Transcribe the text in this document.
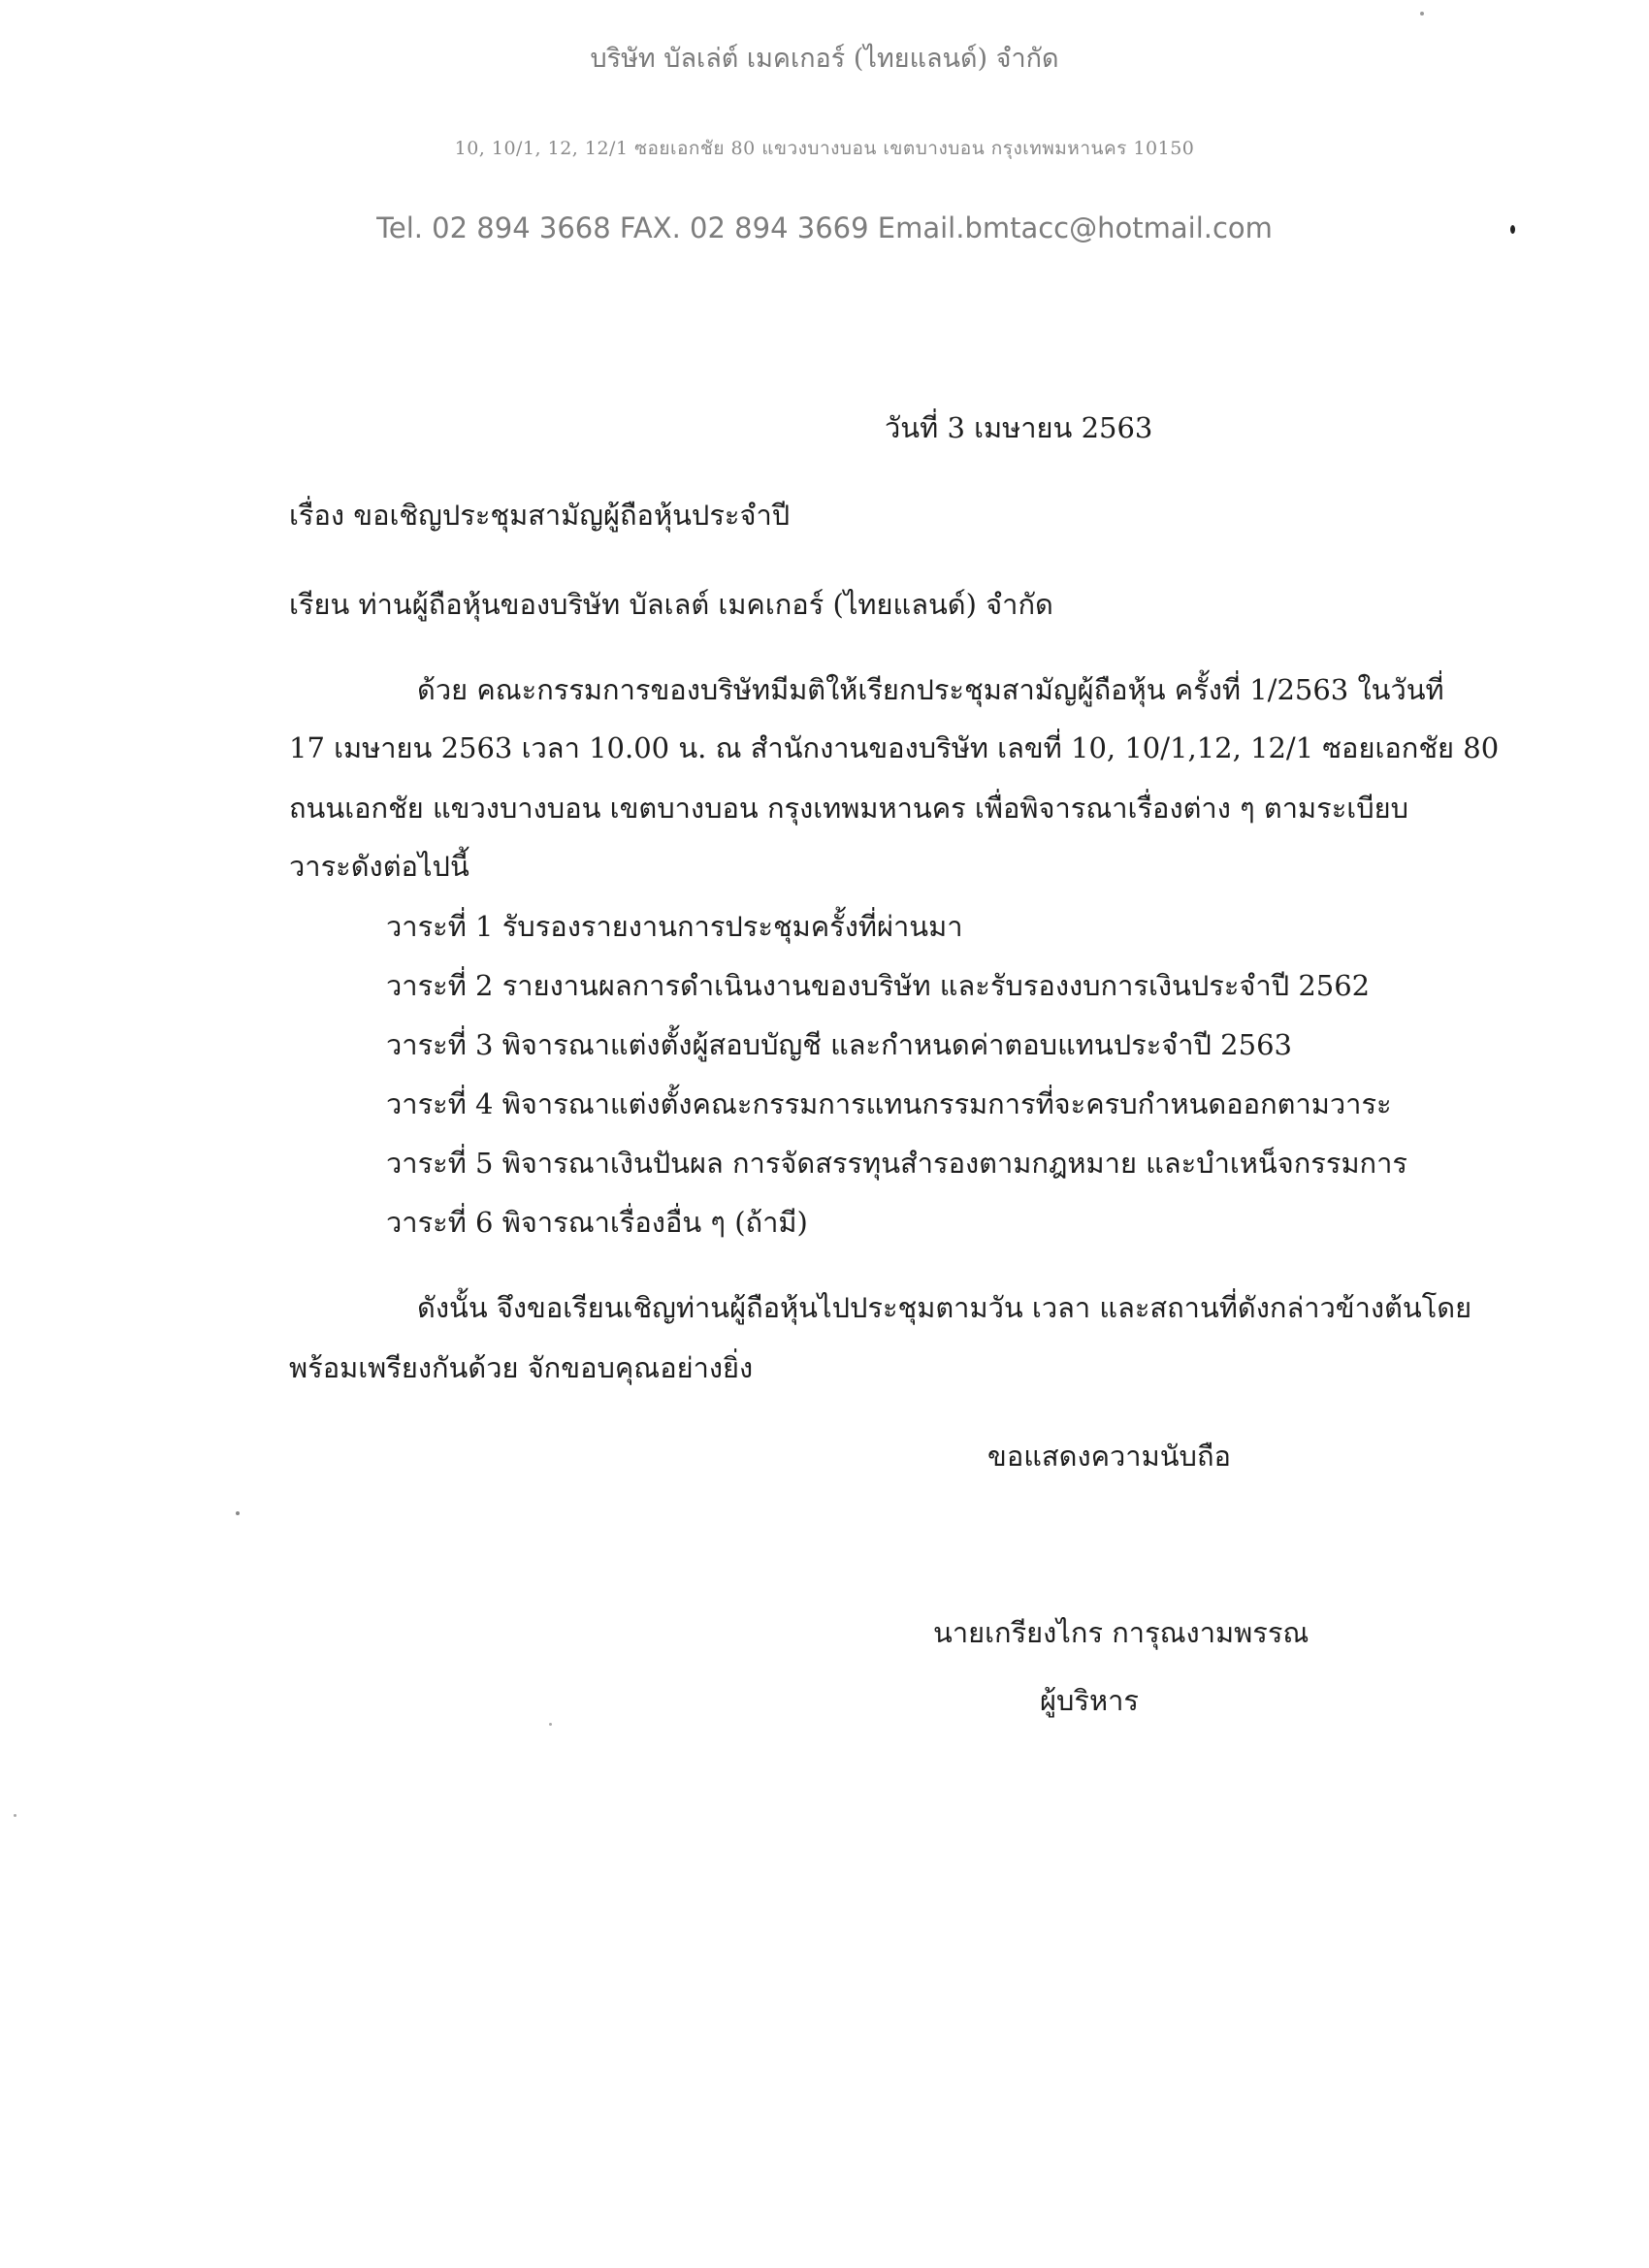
บริษัท บัลเล่ต์ เมคเกอร์ (ไทยแลนด์) จำกัด
10, 10/1, 12, 12/1 ซอยเอกชัย 80 แขวงบางบอน เขตบางบอน กรุงเทพมหานคร 10150
Tel. 02 894 3668 FAX. 02 894 3669 Email.bmtacc@hotmail.com
วันที่ 3 เมษายน 2563
เรื่อง ขอเชิญประชุมสามัญผู้ถือหุ้นประจำปี
เรียน ท่านผู้ถือหุ้นของบริษัท บัลเลต์ เมคเกอร์ (ไทยแลนด์) จำกัด
ด้วย คณะกรรมการของบริษัทมีมติให้เรียกประชุมสามัญผู้ถือหุ้น ครั้งที่ 1/2563 ในวันที่
17 เมษายน 2563 เวลา 10.00 น. ณ สำนักงานของบริษัท เลขที่ 10, 10/1,12, 12/1 ซอยเอกชัย 80
ถนนเอกชัย แขวงบางบอน เขตบางบอน กรุงเทพมหานคร เพื่อพิจารณาเรื่องต่าง ๆ ตามระเบียบ
วาระดังต่อไปนี้
วาระที่ 1 รับรองรายงานการประชุมครั้งที่ผ่านมา
วาระที่ 2 รายงานผลการดำเนินงานของบริษัท และรับรองงบการเงินประจำปี 2562
วาระที่ 3 พิจารณาแต่งตั้งผู้สอบบัญชี และกำหนดค่าตอบแทนประจำปี 2563
วาระที่ 4 พิจารณาแต่งตั้งคณะกรรมการแทนกรรมการที่จะครบกำหนดออกตามวาระ
วาระที่ 5 พิจารณาเงินปันผล การจัดสรรทุนสำรองตามกฎหมาย และบำเหน็จกรรมการ
วาระที่ 6 พิจารณาเรื่องอื่น ๆ (ถ้ามี)
ดังนั้น จึงขอเรียนเชิญท่านผู้ถือหุ้นไปประชุมตามวัน เวลา และสถานที่ดังกล่าวข้างต้นโดย
พร้อมเพรียงกันด้วย จักขอบคุณอย่างยิ่ง
ขอแสดงความนับถือ
นายเกรียงไกร การุณงามพรรณ
ผู้บริหาร
